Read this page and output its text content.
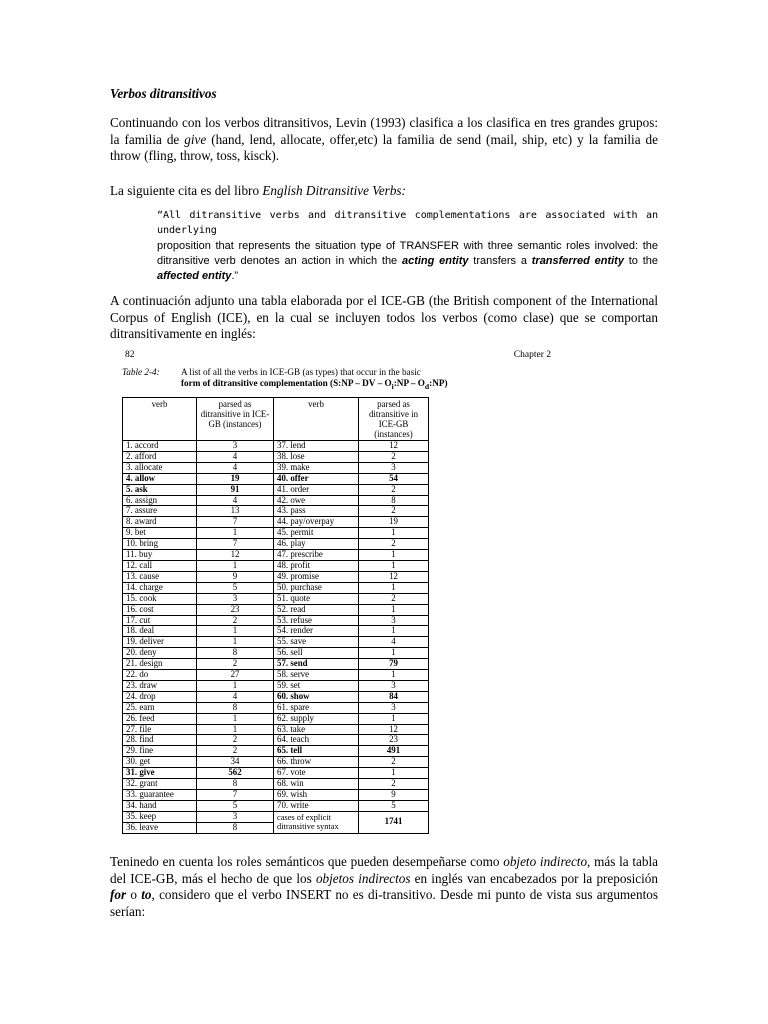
Verbos ditransitivos

Continuando con los verbos ditransitivos, Levin (1993) clasifica a los clasifica en tres grandes grupos: la familia de give (hand, lend, allocate, offer,etc) la familia de send (mail, ship, etc) y la familia de throw (fling, throw, toss, kisck).

La siguiente cita es del libro English Ditransitive Verbs:

“All ditransitive verbs and ditransitive complementations are associated with an underlying
proposition that represents the situation type of TRANSFER with three semantic roles involved: the ditransitive verb denotes an action in which the acting entity transfers a transferred entity to the affected entity.”

A continuación adjunto una tabla elaborada por el ICE-GB (the British component of the International Corpus of English (ICE), en la cual se incluyen todos los verbos (como clase) que se comportan ditransitivamente en inglés:

82	Chapter 2
Table 2-4: A list of all the verbs in ICE-GB (as types) that occur in the basic
form of ditransitive complementation (S:NP – DV – $O_i:NP$ – $O_d:NP$)
verb	parsed as ditransitive in ICE-GB (instances)	verb	parsed as ditransitive in ICE-GB (instances)
1. accord	3	37. lend	12
2. afford	4	38. lose	2
3. allocate	4	39. make	3
4. allow	19	40. offer	54
5. ask	91	41. order	2
6. assign	4	42. owe	8
7. assure	13	43. pass	2
8. award	7	44. pay/overpay	19
9. bet	1	45. permit	1
10. bring	7	46. play	2
11. buy	12	47. prescribe	1
12. call	1	48. profit	1
13. cause	9	49. promise	12
14. charge	5	50. purchase	1
15. cook	3	51. quote	2
16. cost	23	52. read	1
17. cut	2	53. refuse	3
18. deal	1	54. render	1
19. deliver	1	55. save	4
20. deny	8	56. sell	1
21. design	2	57. send	79
22. do	27	58. serve	1
23. draw	1	59. set	3
24. drop	4	60. show	84
25. earn	8	61. spare	3
26. feed	1	62. supply	1
27. file	1	63. take	12
28. find	2	64. teach	23
29. fine	2	65. tell	491
30. get	34	66. throw	2
31. give	562	67. vote	1
32. grant	8	68. win	2
33. guarantee	7	69. wish	9
34. hand	5	70. write	5
35. keep	3	cases of explicit ditransitive syntax	1741
36. leave	8		

Teninedo en cuenta los roles semánticos que pueden desempeñarse como objeto indirecto, más la tabla del ICE-GB, más el hecho de que los objetos indirectos en inglés van encabezados por la preposición for o to, considero que el verbo INSERT no es di-transitivo. Desde mi punto de vista sus argumentos serían:
